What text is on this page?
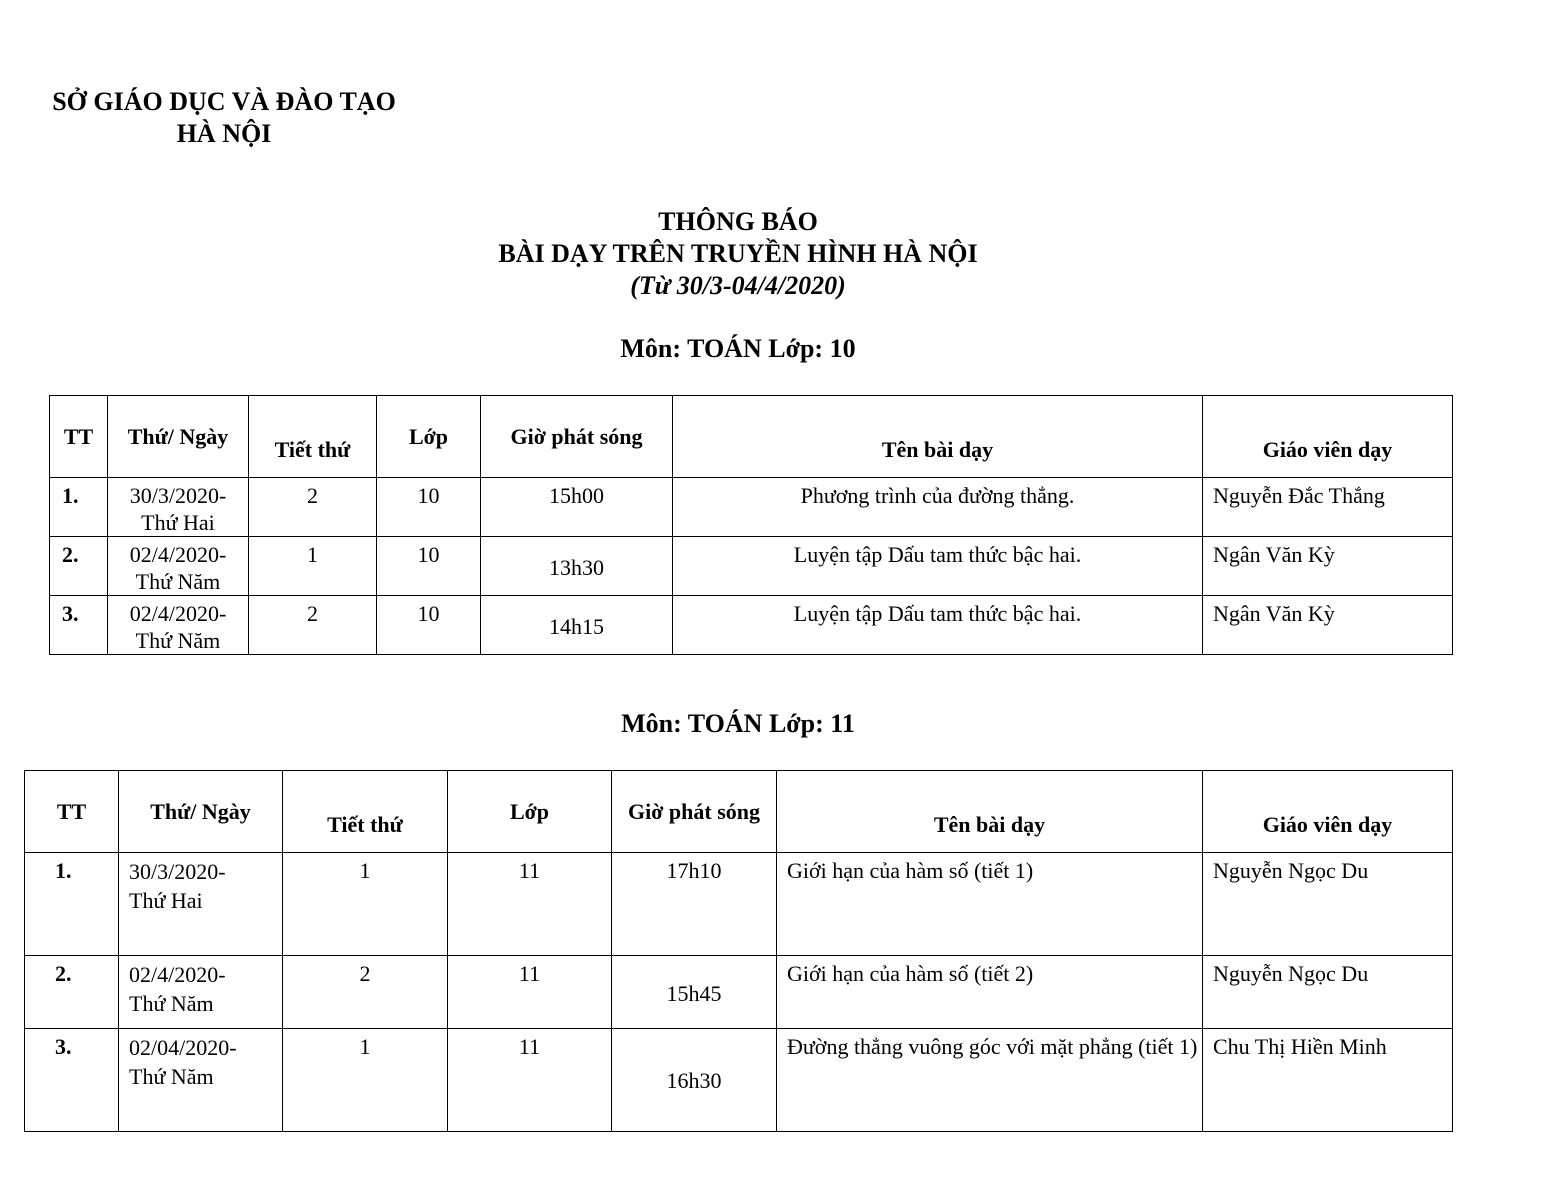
SỞ GIÁO DỤC VÀ ĐÀO TẠO
HÀ NỘI
THÔNG BÁO
BÀI DẠY TRÊN TRUYỀN HÌNH HÀ NỘI
(Từ 30/3-04/4/2020)
Môn: TOÁN Lớp: 10
TT	Thứ/ Ngày	Tiết thứ	Lớp	Giờ phát sóng	Tên bài dạy	Giáo viên dạy

1.	30/3/2020-
Thứ Hai	2	10	15h00	Phương trình của đường thẳng.	Nguyễn Đắc Thắng

2.	02/4/2020-
Thứ Năm	1	10	13h30	Luyện tập Dấu tam thức bậc hai.	Ngân Văn Kỳ

3.	02/4/2020-
Thứ Năm	2	10	14h15	Luyện tập Dấu tam thức bậc hai.	Ngân Văn Kỳ
Môn: TOÁN Lớp: 11
TT	Thứ/ Ngày	Tiết thứ	Lớp	Giờ phát sóng	Tên bài dạy	Giáo viên dạy

1.	30/3/2020-
Thứ Hai	1	11	17h10	Giới hạn của hàm số (tiết 1)	Nguyễn Ngọc Du

2.	02/4/2020-
Thứ Năm	2	11	15h45	Giới hạn của hàm số (tiết 2)	Nguyễn Ngọc Du

3.	02/04/2020-
Thứ Năm	1	11	16h30	Đường thẳng vuông góc với mặt phẳng (tiết 1)	Chu Thị Hiền Minh
